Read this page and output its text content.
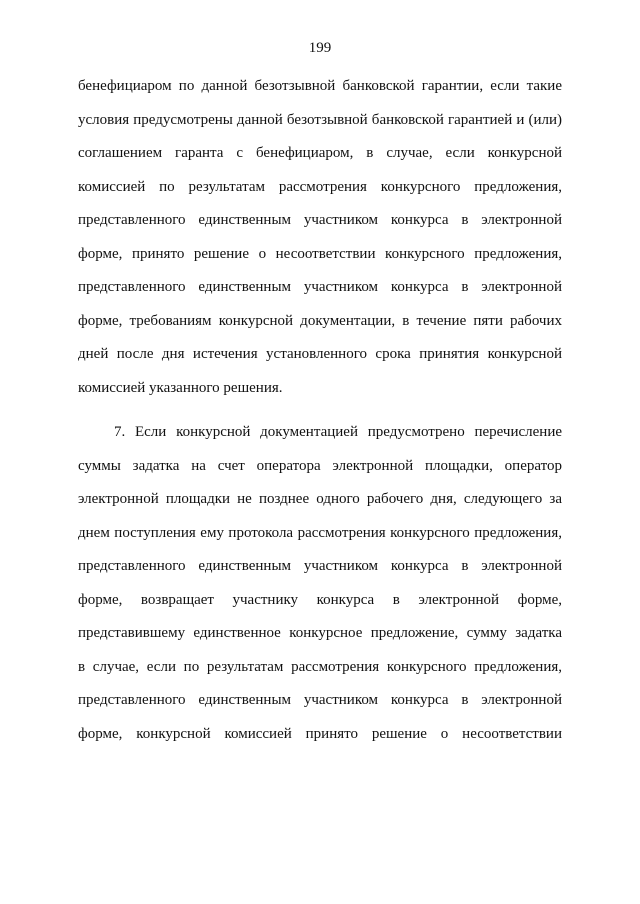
199
бенефициаром по данной безотзывной банковской гарантии, если такие
условия предусмотрены данной безотзывной банковской гарантией и (или)
соглашением гаранта с бенефициаром, в случае, если конкурсной
комиссией по результатам рассмотрения конкурсного предложения,
представленного единственным участником конкурса в электронной
форме, принято решение о несоответствии конкурсного предложения,
представленного единственным участником конкурса в электронной
форме, требованиям конкурсной документации, в течение пяти рабочих
дней после дня истечения установленного срока принятия конкурсной
комиссией указанного решения.
7. Если конкурсной документацией предусмотрено перечисление
суммы задатка на счет оператора электронной площадки, оператор
электронной площадки не позднее одного рабочего дня, следующего за
днем поступления ему протокола рассмотрения конкурсного предложения,
представленного единственным участником конкурса в электронной
форме, возвращает участнику конкурса в электронной форме,
представившему единственное конкурсное предложение, сумму задатка
в случае, если по результатам рассмотрения конкурсного предложения,
представленного единственным участником конкурса в электронной
форме, конкурсной комиссией принято решение о несоответствии
